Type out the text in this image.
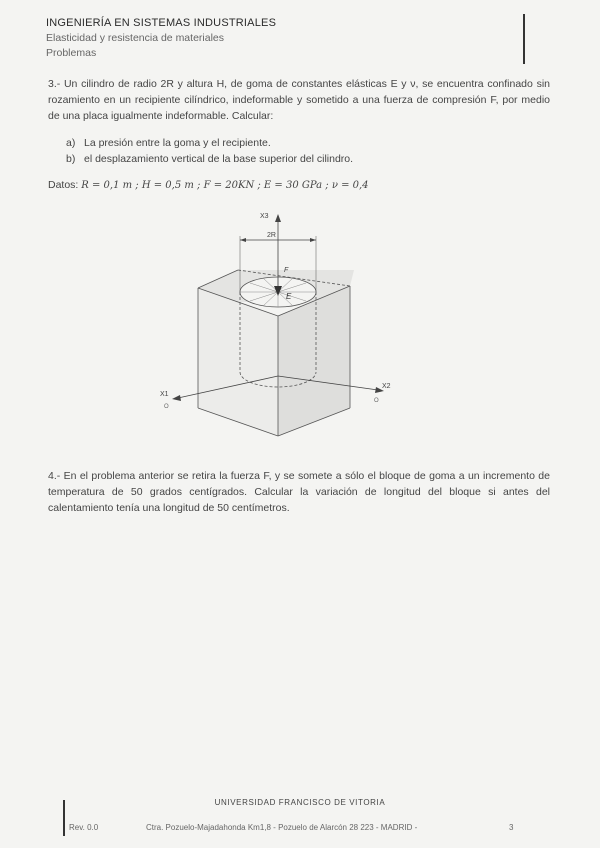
INGENIERÍA EN SISTEMAS INDUSTRIALES
Elasticidad y resistencia de materiales
Problemas
3.- Un cilindro de radio 2R y altura H, de goma de constantes elásticas E y ν, se encuentra confinado sin rozamiento en un recipiente cilíndrico, indeformable y sometido a una fuerza de compresión F, por medio de una placa igualmente indeformable. Calcular:
a) La presión entre la goma y el recipiente.
b) el desplazamiento vertical de la base superior del cilindro.
Datos: R = 0,1 m ; H = 0,5 m ; F = 20KN ; E = 30 GPa ; ν = 0,4
X3
2R
F
E
X1
X2
O
O
4.- En el problema anterior se retira la fuerza F, y se somete a sólo el bloque de goma a un incremento de temperatura de 50 grados centígrados. Calcular la variación de longitud del bloque si antes del calentamiento tenía una longitud de 50 centímetros.
UNIVERSIDAD FRANCISCO DE VITORIA
Rev. 0.0	Ctra. Pozuelo-Majadahonda Km1,8 - Pozuelo de Alarcón 28 223 - MADRID -	3
